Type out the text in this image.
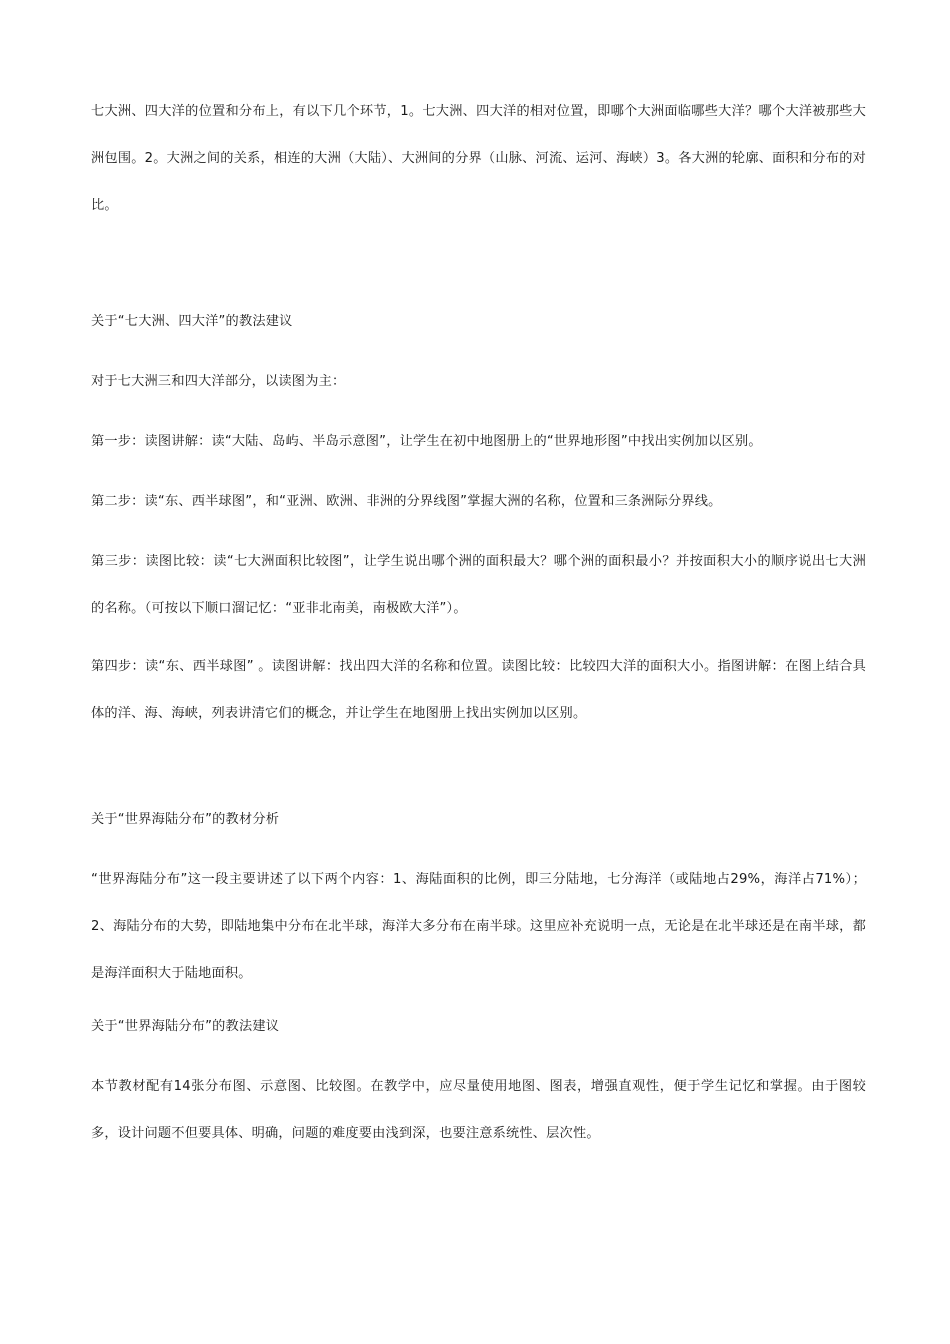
七大洲、四大洋的位置和分布上，有以下几个环节，1。七大洲、四大洋的相对位置，即哪个大洲面临哪些大洋？哪个大洋被那些大洲包围。2。大洲之间的关系，相连的大洲（大陆）、大洲间的分界（山脉、河流、运河、海峡）3。各大洲的轮廓、面积和分布的对比。

关于“七大洲、四大洋”的教法建议

对于七大洲三和四大洋部分，以读图为主：

第一步：读图讲解：读“大陆、岛屿、半岛示意图”，让学生在初中地图册上的“世界地形图”中找出实例加以区别。

第二步：读“东、西半球图”，和“亚洲、欧洲、非洲的分界线图”掌握大洲的名称，位置和三条洲际分界线。

第三步：读图比较：读“七大洲面积比较图”，让学生说出哪个洲的面积最大？哪个洲的面积最小？并按面积大小的顺序说出七大洲的名称。（可按以下顺口溜记忆：“亚非北南美，南极欧大洋”）。

第四步：读“东、西半球图” 。读图讲解：找出四大洋的名称和位置。读图比较：比较四大洋的面积大小。指图讲解：在图上结合具体的洋、海、海峡，列表讲清它们的概念，并让学生在地图册上找出实例加以区别。

关于“世界海陆分布”的教材分析

“世界海陆分布”这一段主要讲述了以下两个内容：1、海陆面积的比例，即三分陆地，七分海洋（或陆地占29%，海洋占71%）；2、海陆分布的大势，即陆地集中分布在北半球，海洋大多分布在南半球。这里应补充说明一点，无论是在北半球还是在南半球，都是海洋面积大于陆地面积。

关于“世界海陆分布”的教法建议

本节教材配有14张分布图、示意图、比较图。在教学中，应尽量使用地图、图表，增强直观性，便于学生记忆和掌握。由于图较多，设计问题不但要具体、明确，问题的难度要由浅到深，也要注意系统性、层次性。
